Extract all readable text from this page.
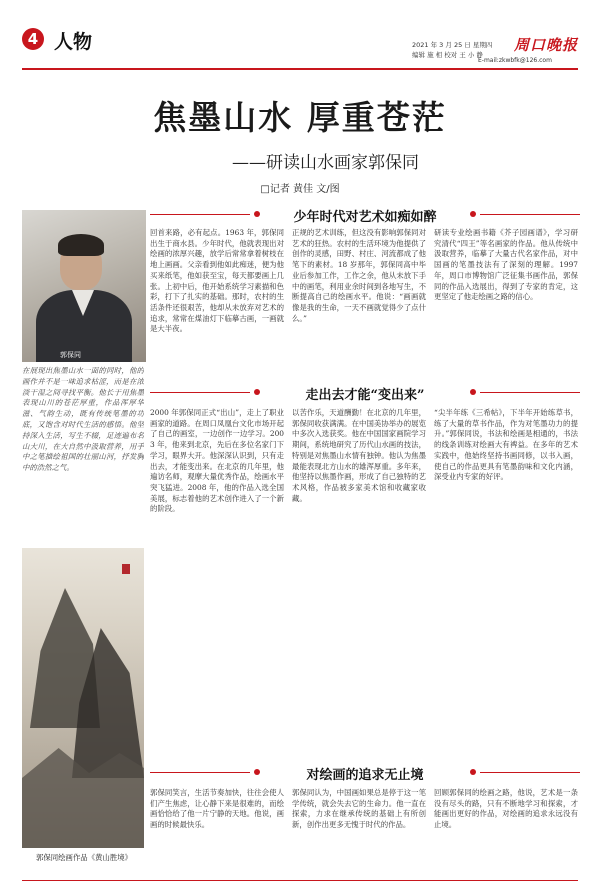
4 人物	2021 年 3 月 25 日 星期四
编辑 施 相 校对 王 小 静
周口晚报
E-mail:zkwbfk@126.com
焦墨山水 厚重苍茫
——研读山水画家郭保同
□记者 黄佳 文/图
郭保同
在展现出焦墨山水一面的同时，他的画作并不是一味追求枯涩，而是在浓淡干湿之间寻找平衡。他长于用焦墨表现山川的苍茫厚重，作品浑厚华滋、气韵生动，既有传统笔墨的功底，又饱含对时代生活的感悟。他坚持深入生活，写生不辍，足迹遍布名山大川，在大自然中汲取营养，用手中之笔描绘祖国的壮丽山河，抒发胸中的浩然之气。
郭保同绘画作品《黄山胜境》
少年时代对艺术如痴如醉
回首来路，必有起点。1963 年，郭保同出生于商水县。少年时代，他就表现出对绘画的浓厚兴趣，放学后常常拿着树枝在地上画画。父亲看到他如此痴迷，便为他买来纸笔，他如获至宝，每天都要画上几张。上初中后，他开始系统学习素描和色彩，打下了扎实的基础。那时，农村的生活条件还很艰苦，他却从未放弃对艺术的追求，常常在煤油灯下临摹古画，一画就是大半夜。
正规的艺术训练，但这没有影响郭保同对艺术的狂热。农村的生活环境为他提供了创作的灵感，田野、村庄、河流都成了他笔下的素材。18 岁那年，郭保同高中毕业后参加工作，工作之余，他从未放下手中的画笔，利用业余时间到各地写生，不断提高自己的绘画水平。他说：“画画就像是我的生命，一天不画就觉得少了点什么。”
研读专业绘画书籍《芥子园画谱》，学习研究清代“四王”等名画家的作品。他从传统中汲取营养，临摹了大量古代名家作品，对中国画的笔墨技法有了深刻的理解。1997 年，周口市博物馆广泛征集书画作品，郭保同的作品入选展出，得到了专家的肯定，这更坚定了他走绘画之路的信心。
走出去才能“变出来”
2000 年郭保同正式“出山”，走上了职业画家的道路。在周口凤凰台文化市场开起了自己的画室，一边创作一边学习。2003 年，他来到北京，先后在多位名家门下学习，眼界大开。他深深认识到，只有走出去，才能变出来。在北京的几年里，他遍访名师，观摩大量优秀作品，绘画水平突飞猛进。2008 年，他的作品入选全国美展，标志着他的艺术创作进入了一个新的阶段。
以苦作乐，天道酬勤！在北京的几年里，郭保同收获满满。在中国美协举办的展览中多次入选获奖。他在中国国家画院学习期间，系统地研究了历代山水画的技法，特别是对焦墨山水情有独钟。他认为焦墨最能表现北方山水的雄浑厚重。多年来，他坚持以焦墨作画，形成了自己独特的艺术风格，作品被多家美术馆和收藏家收藏。
“尖半年练《三希帖》，下半年开始练草书，练了大量的草书作品，作为对笔墨功力的提升。”郭保同说，书法和绘画是相通的，书法的线条训练对绘画大有裨益。在多年的艺术实践中，他始终坚持书画同修，以书入画，使自己的作品更具有笔墨韵味和文化内涵，深受业内专家的好评。
对绘画的追求无止境
郭保同笑言，生活节奏加快，往往会使人们产生焦虑，让心静下来是很难的，而绘画恰恰给了他一片宁静的天地。他说，画画的时候最快乐。
郭保同认为，中国画如果总是停于这一笔学传统，就会失去它的生命力。他一直在探索，力求在继承传统的基础上有所创新，创作出更多无愧于时代的作品。
回顾郭保同的绘画之路，他说，艺术是一条没有尽头的路，只有不断地学习和探索，才能画出更好的作品，对绘画的追求永远没有止境。
